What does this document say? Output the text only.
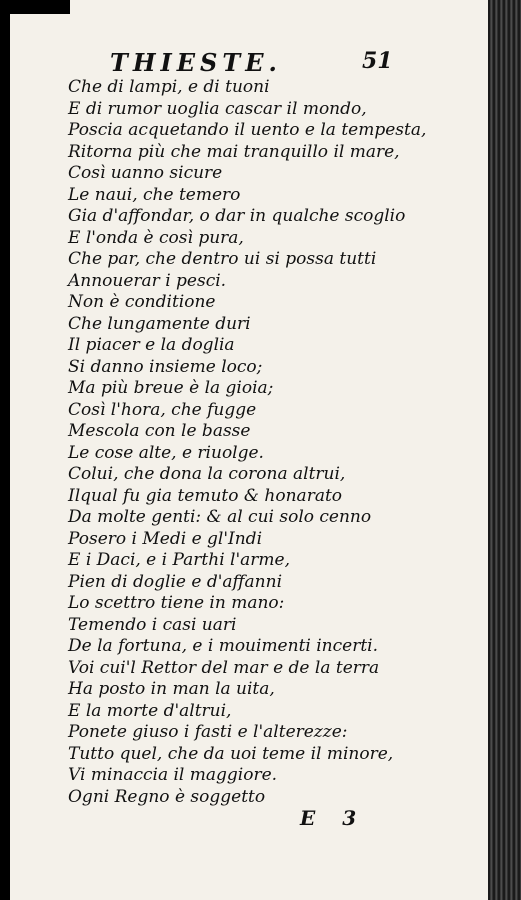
THIESTE.	51
Che di lampi, e di tuoni
E di rumor uoglia cascar il mondo,
Poscia acquetando il uento e la tempesta,
Ritorna più che mai tranquillo il mare,
Così uanno sicure
Le naui, che temero
Gia d'affondar, o dar in qualche scoglio
E l'onda è così pura,
Che par, che dentro ui si possa tutti
Annouerar i pesci.
Non è conditione
Che lungamente duri
Il piacer e la doglia
Si danno insieme loco;
Ma più breue è la gioia;
Così l'hora, che fugge
Mescola con le basse
Le cose alte, e riuolge.
Colui, che dona la corona altrui,
Ilqual fu gia temuto & honarato
Da molte genti: & al cui solo cenno
Posero i Medi e gl'Indi
E i Daci, e i Parthi l'arme,
Pien di doglie e d'affanni
Lo scettro tiene in mano:
Temendo i casi uari
De la fortuna, e i mouimenti incerti.
Voi cui'l Rettor del mar e de la terra
Ha posto in man la uita,
E la morte d'altrui,
Ponete giuso i fasti e l'alterezze:
Tutto quel, che da uoi teme il minore,
Vi minaccia il maggiore.
Ogni Regno è soggetto
E 3
